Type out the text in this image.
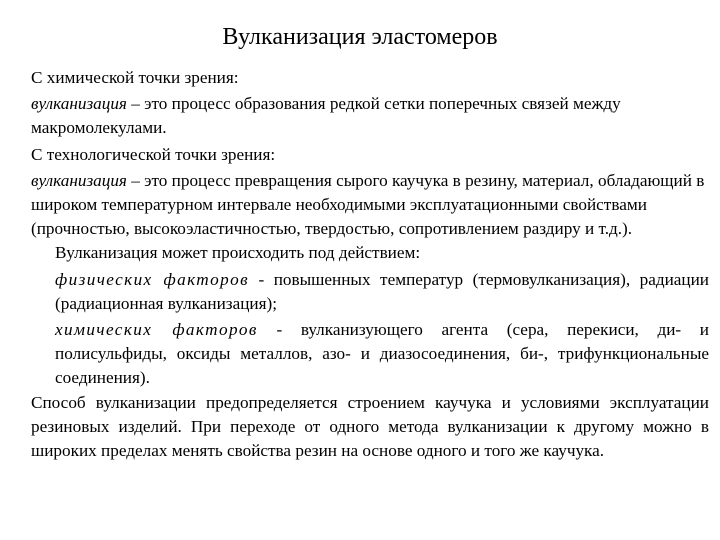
Вулканизация эластомеров

С химической точки зрения:

вулканизация – это процесс образования редкой сетки поперечных связей между макромолекулами.

С технологической точки зрения:

вулканизация – это процесс превращения сырого каучука в резину, материал, обладающий в широком температурном интервале необходимыми эксплуатационными свойствами (прочностью, высокоэластичностью, твердостью, сопротивлением раздиру и т.д.).

Вулканизация может происходить под действием:

физических факторов - повышенных температур (термовулканизация), радиации (радиационная вулканизация);

химических факторов - вулканизующего агента (сера, перекиси, ди- и полисульфиды, оксиды металлов, азо- и диазосоединения, би-, трифункциональные соединения).

Способ вулканизации предопределяется строением каучука и условиями эксплуатации резиновых изделий. При переходе от одного метода вулканизации к другому можно в широких пределах менять свойства резин на основе одного и того же каучука.
